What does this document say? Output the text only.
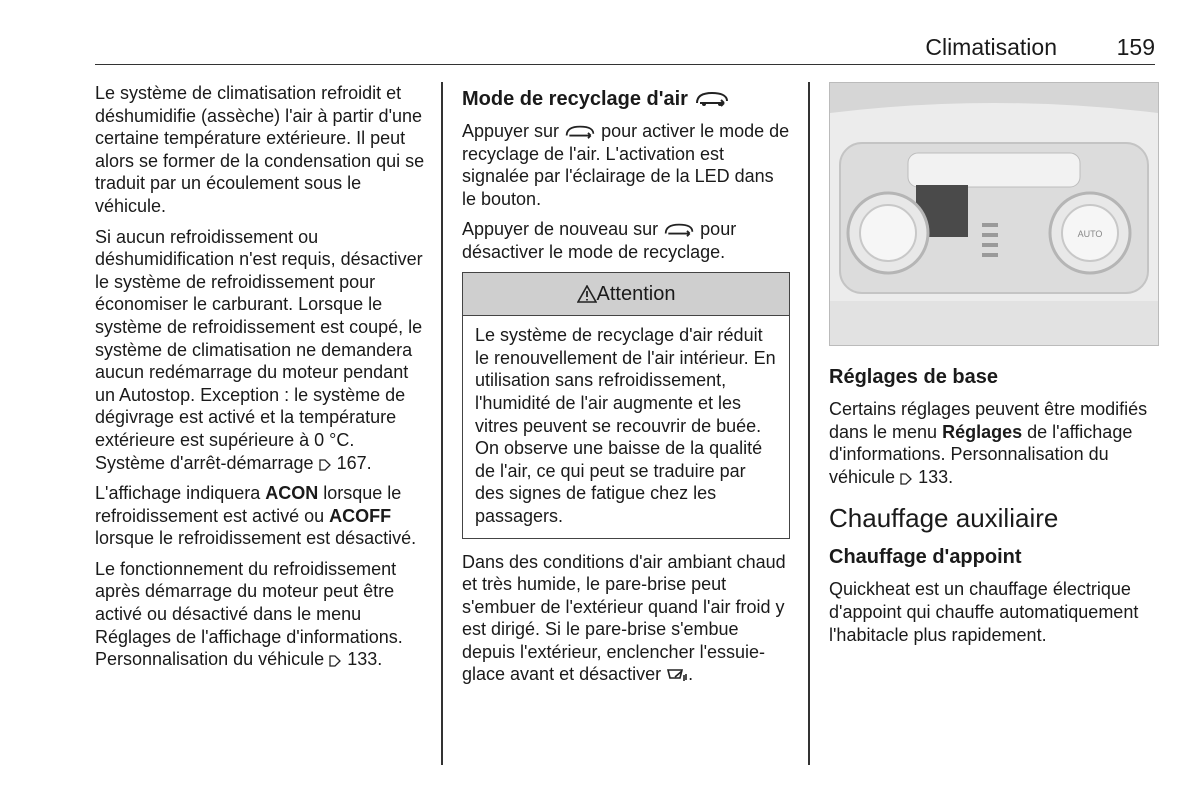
Climatisation	159

Le système de climatisation refroidit et déshumidifie (assèche) l'air à partir d'une certaine température extérieure. Il peut alors se former de la condensation qui se traduit par un écoulement sous le véhicule.

Si aucun refroidissement ou déshumidification n'est requis, désactiver le système de refroidissement pour économiser le carburant. Lorsque le système de refroidissement est coupé, le système de climatisation ne demandera aucun redémarrage du moteur pendant un Autostop. Exception : le système de dégivrage est activé et la température extérieure est supérieure à 0 °C. Système d'arrêt-démarrage 167.

L'affichage indiquera ACON lorsque le refroidissement est activé ou ACOFF lorsque le refroidissement est désactivé.

Le fonctionnement du refroidissement après démarrage du moteur peut être activé ou désactivé dans le menu Réglages de l'affichage d'informations. Personnalisation du véhicule 133.

Mode de recyclage d'air

Appuyer sur pour activer le mode de recyclage de l'air. L'activation est signalée par l'éclairage de la LED dans le bouton.

Appuyer de nouveau sur pour désactiver le mode de recyclage.

Attention
Le système de recyclage d'air réduit le renouvellement de l'air intérieur. En utilisation sans refroidissement, l'humidité de l'air augmente et les vitres peuvent se recouvrir de buée. On observe une baisse de la qualité de l'air, ce qui peut se traduire par des signes de fatigue chez les passagers.

Dans des conditions d'air ambiant chaud et très humide, le pare-brise peut s'embuer de l'extérieur quand l'air froid y est dirigé. Si le pare-brise s'embue depuis l'extérieur, enclencher l'essuie-glace avant et désactiver .

AUTO
Réglages de base

Certains réglages peuvent être modifiés dans le menu Réglages de l'affichage d'informations. Personnalisation du véhicule 133.

Chauffage auxiliaire
Chauffage d'appoint

Quickheat est un chauffage électrique d'appoint qui chauffe automatiquement l'habitacle plus rapidement.
